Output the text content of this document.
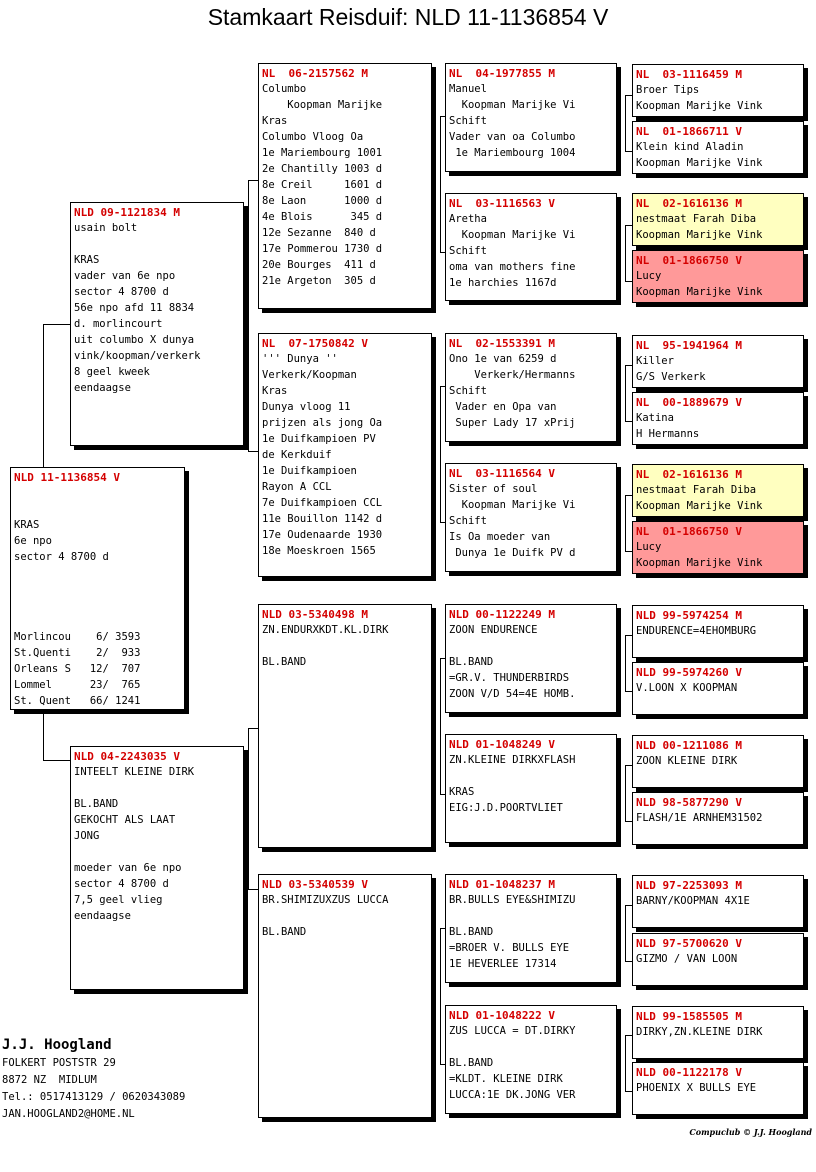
Stamkaart Reisduif: NLD 11-1136854 V
NLD 11-1136854 V

KRAS
6e npo
sector 4 8700 d

Morlincou    6/ 3593
St.Quenti    2/  933
Orleans S   12/  707
Lommel      23/  765
St. Quent   66/ 1241
NLD 09-1121834 M
usain bolt

KRAS
vader van 6e npo
sector 4 8700 d
56e npo afd 11 8834
d. morlincourt
uit columbo X dunya
vink/koopman/verkerk
8 geel kweek
eendaagse
NLD 04-2243035 V
INTEELT KLEINE DIRK

BL.BAND
GEKOCHT ALS LAAT
JONG

moeder van 6e npo
sector 4 8700 d
7,5 geel vlieg
eendaagse
NL  06-2157562 M
Columbo
Koopman Marijke
Kras
Columbo Vloog Oa
1e Mariembourg 1001
2e Chantilly 1003 d
8e Creil     1601 d
8e Laon      1000 d
4e Blois      345 d
12e Sezanne  840 d
17e Pommerou 1730 d
20e Bourges  411 d
21e Argeton  305 d
NL  07-1750842 V
''' Dunya ''
Verkerk/Koopman
Kras
Dunya vloog 11
prijzen als jong Oa
1e Duifkampioen PV
de Kerkduif
1e Duifkampioen
Rayon A CCL
7e Duifkampioen CCL
11e Bouillon 1142 d
17e Oudenaarde 1930
18e Moeskroen 1565
NLD 03-5340498 M
ZN.ENDURXKDT.KL.DIRK

BL.BAND
NLD 03-5340539 V
BR.SHIMIZUXZUS LUCCA

BL.BAND
NL  04-1977855 M
Manuel
Koopman Marijke Vi
Schift
Vader van oa Columbo
1e Mariembourg 1004
NL  03-1116563 V
Aretha
Koopman Marijke Vi
Schift
oma van mothers fine
1e harchies 1167d
NL  02-1553391 M
Ono 1e van 6259 d
Verkerk/Hermanns
Schift
Vader en Opa van
Super Lady 17 xPrij
NL  03-1116564 V
Sister of soul
Koopman Marijke Vi
Schift
Is Oa moeder van
Dunya 1e Duifk PV d
NLD 00-1122249 M
ZOON ENDURENCE

BL.BAND
=GR.V. THUNDERBIRDS
ZOON V/D 54=4E HOMB.
NLD 01-1048249 V
ZN.KLEINE DIRKXFLASH

KRAS
EIG:J.D.POORTVLIET
NLD 01-1048237 M
BR.BULLS EYE&SHIMIZU

BL.BAND
=BROER V. BULLS EYE
1E HEVERLEE 17314
NLD 01-1048222 V
ZUS LUCCA = DT.DIRKY

BL.BAND
=KLDT. KLEINE DIRK
LUCCA:1E DK.JONG VER
NL  03-1116459 M
Broer Tips
Koopman Marijke Vink
NL  01-1866711 V
Klein kind Aladin
Koopman Marijke Vink
NL  02-1616136 M
nestmaat Farah Diba
Koopman Marijke Vink
NL  01-1866750 V
Lucy
Koopman Marijke Vink
NL  95-1941964 M
Killer
G/S Verkerk
NL  00-1889679 V
Katina
H Hermanns
NL  02-1616136 M
nestmaat Farah Diba
Koopman Marijke Vink
NL  01-1866750 V
Lucy
Koopman Marijke Vink
NLD 99-5974254 M
ENDURENCE=4EHOMBURG
NLD 99-5974260 V
V.LOON X KOOPMAN
NLD 00-1211086 M
ZOON KLEINE DIRK
NLD 98-5877290 V
FLASH/1E ARNHEM31502
NLD 97-2253093 M
BARNY/KOOPMAN 4X1E
NLD 97-5700620 V
GIZMO / VAN LOON
NLD 99-1585505 M
DIRKY,ZN.KLEINE DIRK
NLD 00-1122178 V
PHOENIX X BULLS EYE
J.J. Hoogland
FOLKERT POSTSTR 29
8872 NZ  MIDLUM
Tel.: 0517413129 / 0620343089
JAN.HOOGLAND2@HOME.NL
Compuclub © J.J. Hoogland
